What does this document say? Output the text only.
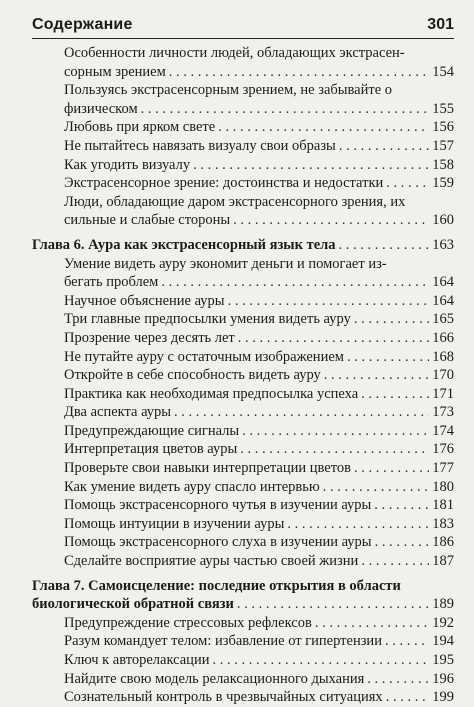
Содержание	301
Особенности личности людей, обладающих экстрасен-
сорным зрением . . .	154
Пользуясь экстрасенсорным зрением, не забывайте о
физическом . . .	155
Любовь при ярком свете . . .	156
Не пытайтесь навязать визуалу свои образы . . .	157
Как угодить визуалу . . .	158
Экстрасенсорное зрение: достоинства и недостатки . . .	159
Люди, обладающие даром экстрасенсорного зрения, их
сильные и слабые стороны . . .	160
Глава 6. Аура как экстрасенсорный язык тела . . .	163
Умение видеть ауру экономит деньги и помогает из-
бегать проблем . . .	164
Научное объяснение ауры . . .	164
Три главные предпосылки умения видеть ауру . . .	165
Прозрение через десять лет . . .	166
Не путайте ауру с остаточным изображением . . .	168
Откройте в себе способность видеть ауру . . .	170
Практика как необходимая предпосылка успеха . . .	171
Два аспекта ауры . . .	173
Предупреждающие сигналы . . .	174
Интерпретация цветов ауры . . .	176
Проверьте свои навыки интерпретации цветов . . .	177
Как умение видеть ауру спасло интервью . . .	180
Помощь экстрасенсорного чутья в изучении ауры . . .	181
Помощь интуиции в изучении ауры . . .	183
Помощь экстрасенсорного слуха в изучении ауры . . .	186
Сделайте восприятие ауры частью своей жизни . . .	187
Глава 7. Самоисцеление: последние открытия в области
биологической обратной связи . . .	189
Предупреждение стрессовых рефлексов . . .	192
Разум командует телом: избавление от гипертензии . . .	194
Ключ к авторелаксации . . .	195
Найдите свою модель релаксационного дыхания . . .	196
Сознательный контроль в чрезвычайных ситуациях . . .	199
